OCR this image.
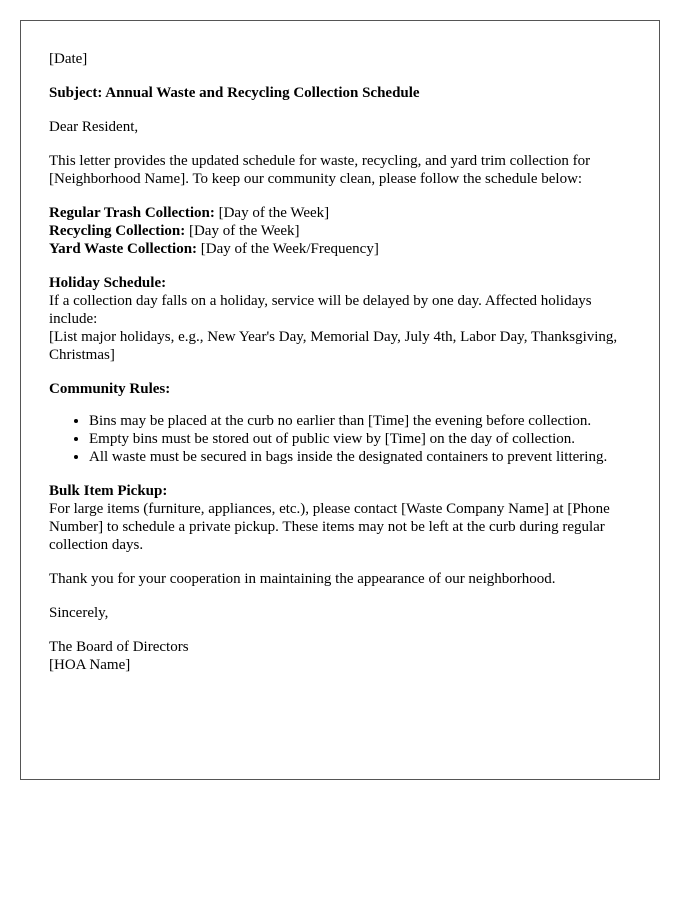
[Date]

Subject: Annual Waste and Recycling Collection Schedule

Dear Resident,

This letter provides the updated schedule for waste, recycling, and yard trim collection for [Neighborhood Name]. To keep our community clean, please follow the schedule below:

Regular Trash Collection: [Day of the Week]
Recycling Collection: [Day of the Week]
Yard Waste Collection: [Day of the Week/Frequency]
Holiday Schedule:
If a collection day falls on a holiday, service will be delayed by one day. Affected holidays include:
[List major holidays, e.g., New Year's Day, Memorial Day, July 4th, Labor Day, Thanksgiving, Christmas]
Community Rules:
• Bins may be placed at the curb no earlier than [Time] the evening before collection.
• Empty bins must be stored out of public view by [Time] on the day of collection.
• All waste must be secured in bags inside the designated containers to prevent littering.
Bulk Item Pickup:
For large items (furniture, appliances, etc.), please contact [Waste Company Name] at [Phone Number] to schedule a private pickup. These items may not be left at the curb during regular collection days.

Thank you for your cooperation in maintaining the appearance of our neighborhood.

Sincerely,

The Board of Directors
[HOA Name]
